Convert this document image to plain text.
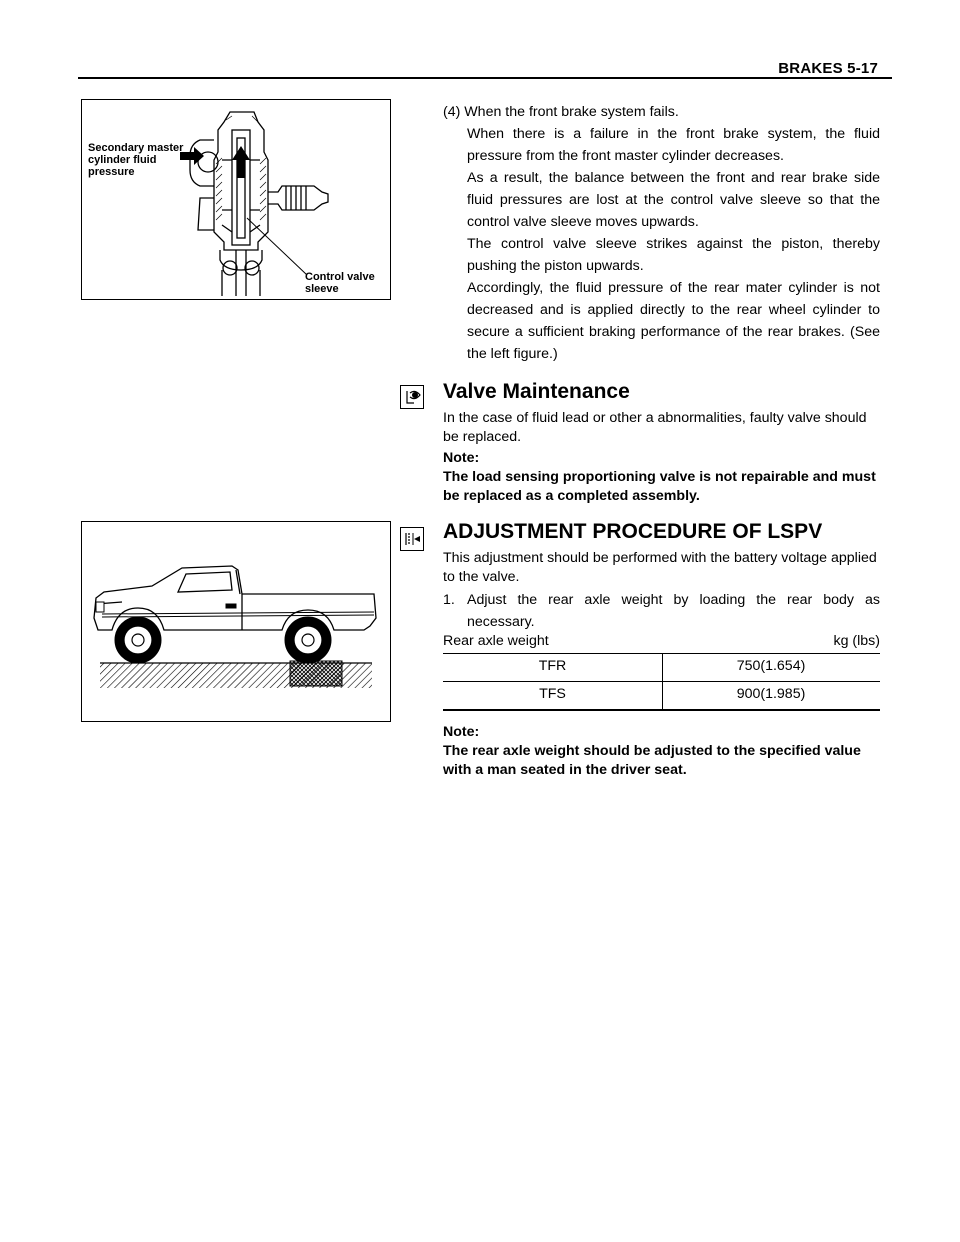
BRAKES 5-17
Secondary master
cylinder fluid
pressure
Control valve
sleeve
(4) When the front brake system fails.
When there is a failure in the front brake system, the fluid pressure from the front master cylinder decreases.
As a result, the balance between the front and rear brake side fluid pressures are lost at the control valve sleeve so that the control valve sleeve moves upwards.
The control valve sleeve strikes against the piston, thereby pushing the piston upwards.
Accordingly, the fluid pressure of the rear mater cylinder is not decreased and is applied directly to the rear wheel cylinder to secure a sufficient braking performance of the rear brakes. (See the left figure.)
Valve Maintenance
In the case of fluid lead or other a abnormalities, faulty valve should be replaced.
Note:
The load sensing proportioning valve is not repairable and must be replaced as a completed assembly.
ADJUSTMENT PROCEDURE OF LSPV
This adjustment should be performed with the battery voltage applied to the valve.
1. Adjust the rear axle weight by loading the rear body as necessary.
Rear axle weight	kg (lbs)
TFR	750(1.654)
TFS	900(1.985)
Note:
The rear axle weight should be adjusted to the specified value with a man seated in the driver seat.
